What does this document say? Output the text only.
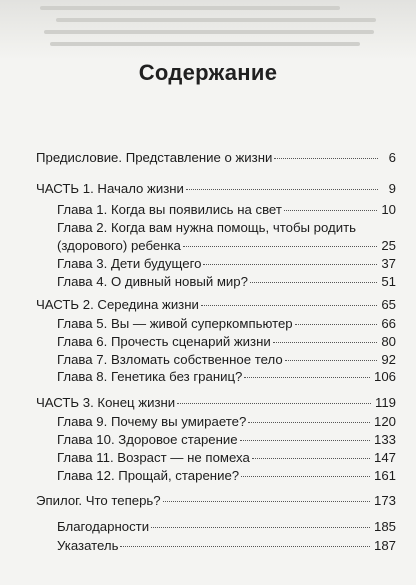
Содержание
Предисловие. Представление о жизни	6
ЧАСТЬ 1. Начало жизни	9
Глава 1. Когда вы появились на свет	10
Глава 2. Когда вам нужна помощь, чтобы родить
(здорового) ребенка	25
Глава 3. Дети будущего	37
Глава 4. О дивный новый мир?	51
ЧАСТЬ 2. Середина жизни	65
Глава 5. Вы — живой суперкомпьютер	66
Глава 6. Прочесть сценарий жизни	80
Глава 7. Взломать собственное тело	92
Глава 8. Генетика без границ?	106
ЧАСТЬ 3. Конец жизни	119
Глава 9. Почему вы умираете?	120
Глава 10. Здоровое старение	133
Глава 11. Возраст — не помеха	147
Глава 12. Прощай, старение?	161
Эпилог. Что теперь?	173
Благодарности	185
Указатель	187
